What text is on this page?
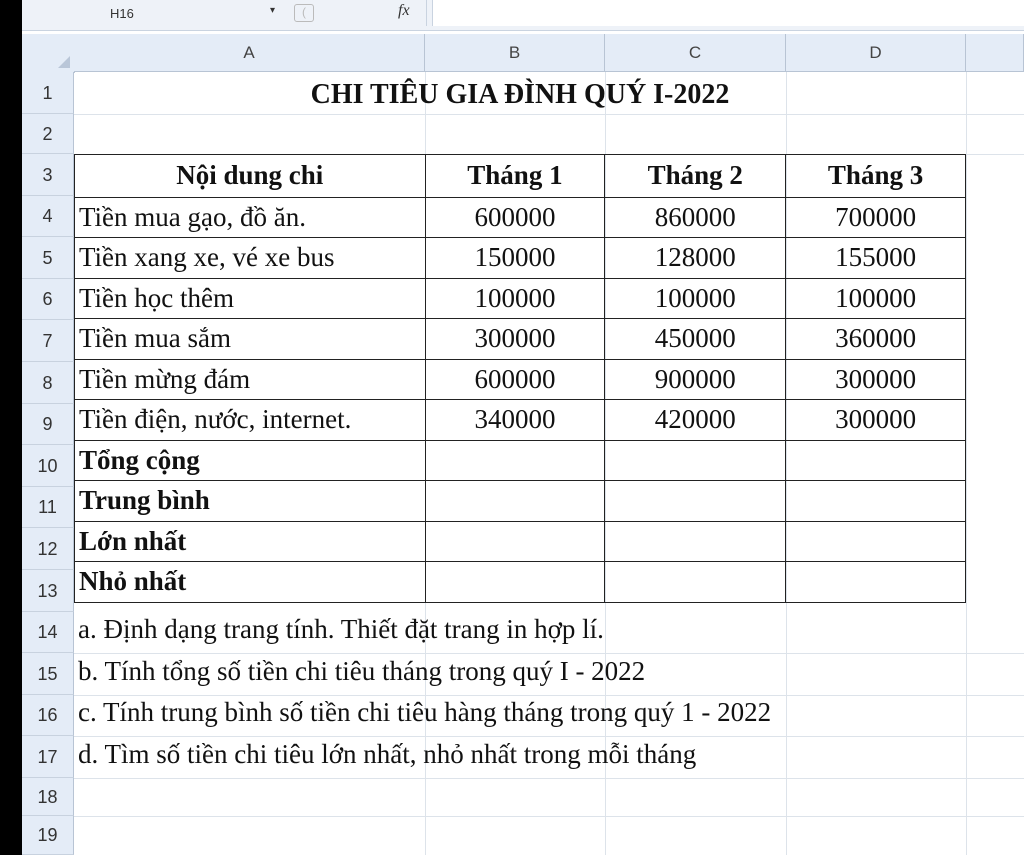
H16	▾	(	fx
A	B	C	D
1
2
3
4
5
6
7
8
9
10
11
12
13
14
15
16
17
18
19
CHI TIÊU GIA ĐÌNH QUÝ I-2022
Nội dung chi	Tháng 1	Tháng 2	Tháng 3
Tiền mua gạo, đồ ăn.	600000	860000	700000
Tiền xang xe, vé xe bus	150000	128000	155000
Tiền học thêm	100000	100000	100000
Tiền mua sắm	300000	450000	360000
Tiền mừng đám	600000	900000	300000
Tiền điện, nước, internet.	340000	420000	300000
Tổng cộng			
Trung bình			
Lớn nhất			
Nhỏ nhất			
a. Định dạng trang tính. Thiết đặt trang in hợp lí.
b. Tính tổng số tiền chi tiêu tháng trong quý I - 2022
c. Tính trung bình số tiền chi tiêu hàng tháng trong quý 1 - 2022
d. Tìm số tiền chi tiêu lớn nhất, nhỏ nhất trong mỗi tháng
